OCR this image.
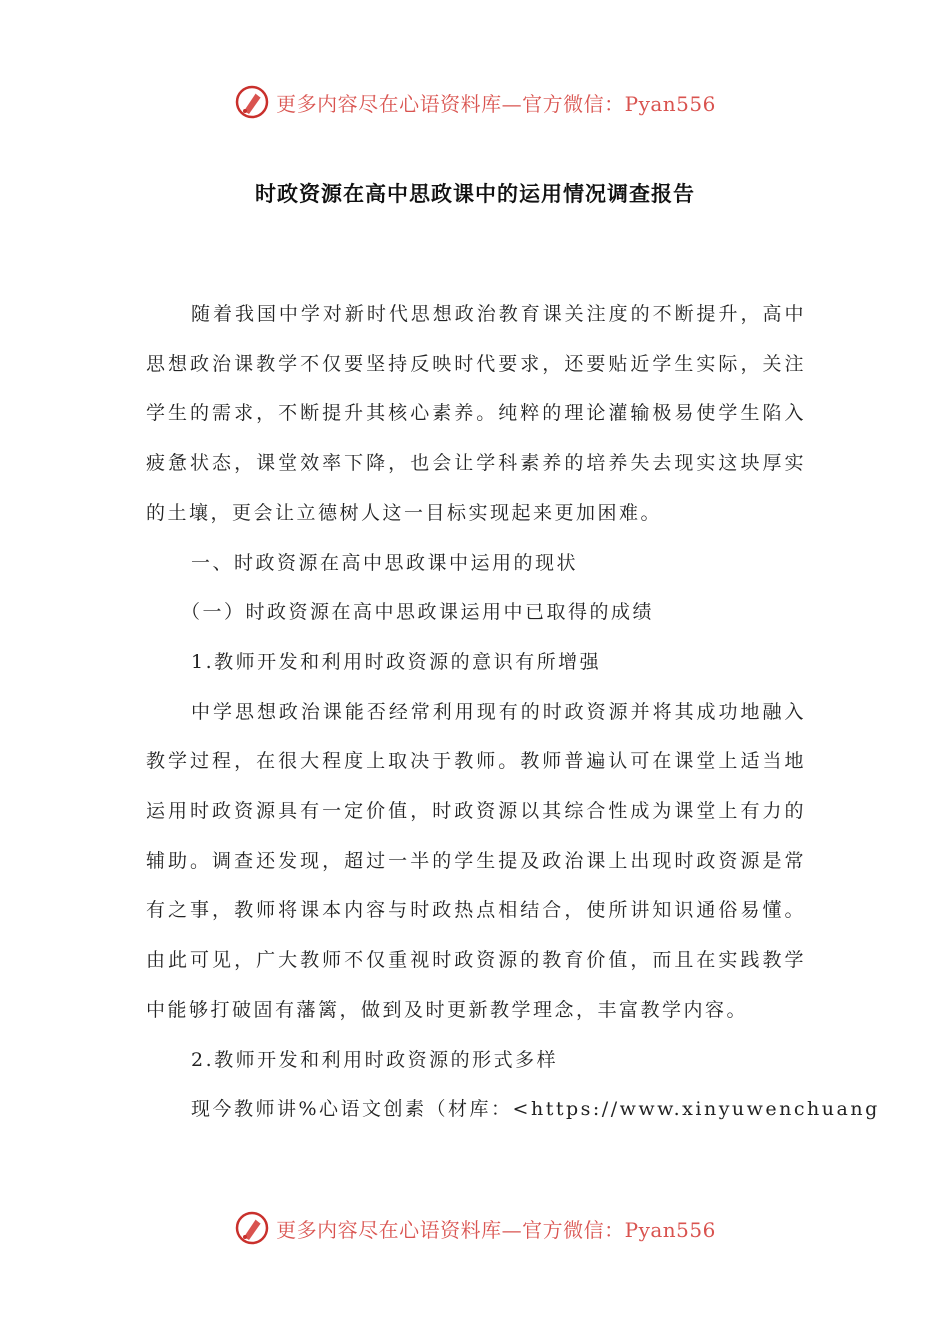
更多内容尽在心语资料库—官方微信：Pyan556
时政资源在高中思政课中的运用情况调查报告

随着我国中学对新时代思想政治教育课关注度的不断提升，高中思想政治课教学不仅要坚持反映时代要求，还要贴近学生实际，关注学生的需求，不断提升其核心素养。纯粹的理论灌输极易使学生陷入疲惫状态，课堂效率下降，也会让学科素养的培养失去现实这块厚实的土壤，更会让立德树人这一目标实现起来更加困难。

一、时政资源在高中思政课中运用的现状

（一）时政资源在高中思政课运用中已取得的成绩

1.教师开发和利用时政资源的意识有所增强

中学思想政治课能否经常利用现有的时政资源并将其成功地融入教学过程，在很大程度上取决于教师。教师普遍认可在课堂上适当地运用时政资源具有一定价值，时政资源以其综合性成为课堂上有力的辅助。调查还发现，超过一半的学生提及政治课上出现时政资源是常有之事，教师将课本内容与时政热点相结合，使所讲知识通俗易懂。由此可见，广大教师不仅重视时政资源的教育价值，而且在实践教学中能够打破固有藩篱，做到及时更新教学理念，丰富教学内容。

2.教师开发和利用时政资源的形式多样

现今教师讲%心语文创素（材库：<https://www.xinyuwenchuang

更多内容尽在心语资料库—官方微信：Pyan556
